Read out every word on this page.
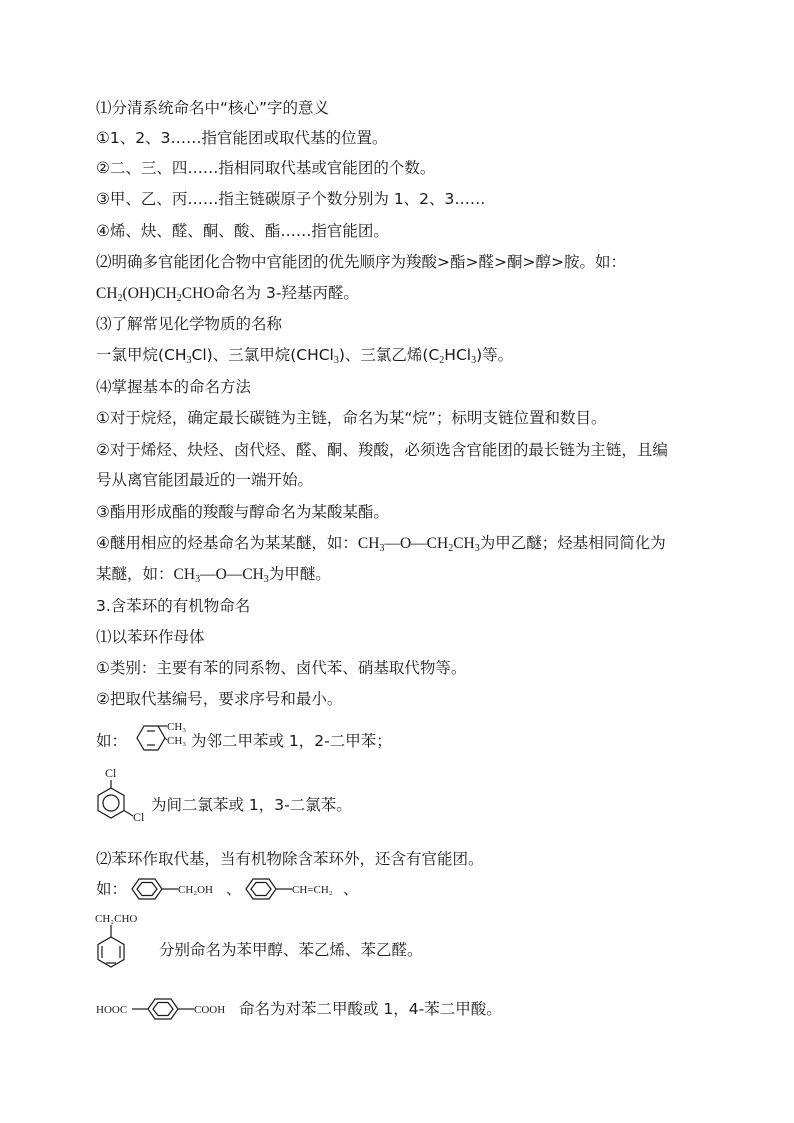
⑴分清系统命名中“核心”字的意义

①1、2、3……指官能团或取代基的位置。

②二、三、四……指相同取代基或官能团的个数。

③甲、乙、丙……指主链碳原子个数分别为 1、2、3……

④烯、炔、醛、酮、酸、酯……指官能团。

⑵明确多官能团化合物中官能团的优先顺序为羧酸>酯>醛>酮>醇>胺。如：

$CH_2(OH)CH_2CHO$命名为 3-羟基丙醛。

⑶了解常见化学物质的名称

一氯甲烷$(CH_3Cl)$、三氯甲烷(CHCl$_3$)、三氯乙烯$(C_2HCl_3)$等。

⑷掌握基本的命名方法

①对于烷烃，确定最长碳链为主链，命名为某“烷”；标明支链位置和数目。

②对于烯烃、炔烃、卤代烃、醛、酮、羧酸，必须选含官能团的最长链为主链，且编

号从离官能团最近的一端开始。

③酯用形成酯的羧酸与醇命名为某酸某酯。

④醚用相应的烃基命名为某某醚，如：$CH_3—O—CH_2CH_3$为甲乙醚；烃基相同简化为

某醚，如：$CH_3—O—CH_3$为甲醚。

3.含苯环的有机物命名

⑴以苯环作母体

①类别：主要有苯的同系物、卤代苯、硝基取代物等。

②把取代基编号，要求序号和最小。

如：

CH₃
CH₃ 为邻二甲苯或 1，2-二甲苯；

Cl
Cl

为间二氯苯或 1，3-二氯苯。

⑵苯环作取代基，当有机物除含苯环外，还含有官能团。

如：	CH₂OH 、	CH=CH₂ 、

CH₂CHO

分别命名为苯甲醇、苯乙烯、苯乙醛。

HOOC	COOH 命名为对苯二甲酸或 1，4-苯二甲酸。
